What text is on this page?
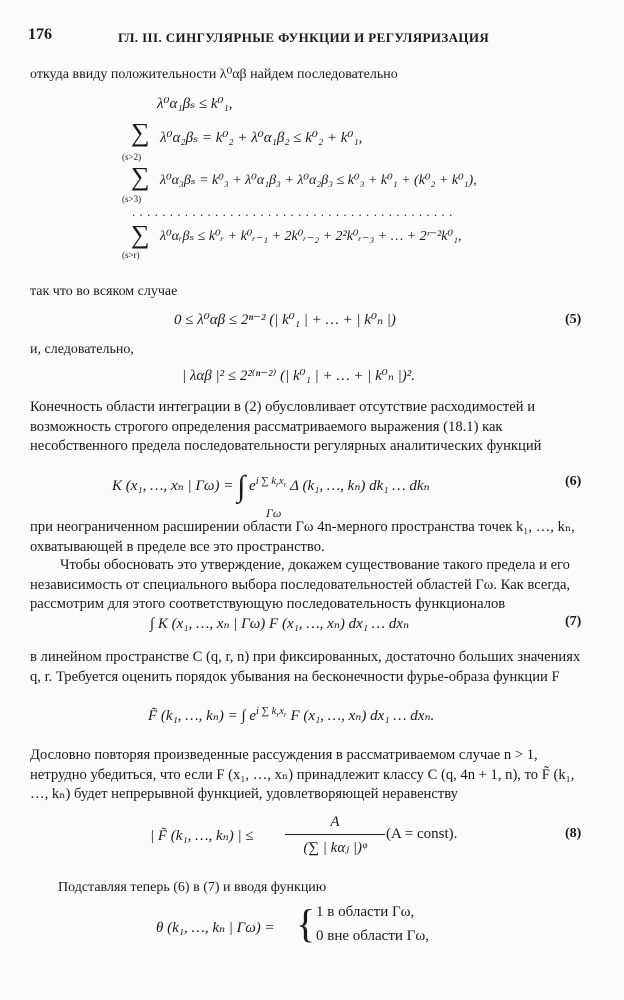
176	ГЛ. III. СИНГУЛЯРНЫЕ ФУНКЦИИ И РЕГУЛЯРИЗАЦИЯ
откуда ввиду положительности λ⁰αβ найдем последовательно
λ⁰α₁βₛ ≤ k⁰₁,
∑
(s>2)
λ⁰α₂βₛ = k⁰₂ + λ⁰α₁β₂ ≤ k⁰₂ + k⁰₁,
∑
(s>3)
λ⁰α₃βₛ = k⁰₃ + λ⁰α₁β₃ + λ⁰α₂β₃ ≤ k⁰₃ + k⁰₁ + (k⁰₂ + k⁰₁),
...........................................
∑
(s>r)
λ⁰αᵣβₛ ≤ k⁰ᵣ + k⁰ᵣ₋₁ + 2k⁰ᵣ₋₂ + 2²k⁰ᵣ₋₃ + … + 2ʳ⁻²k⁰₁,
так что во всяком случае
0 ≤ λ⁰αβ ≤ 2ⁿ⁻² (| k⁰₁ | + … + | k⁰ₙ |)	(5)
и, следовательно,
| λαβ |² ≤ 2²⁽ⁿ⁻²⁾ (| k⁰₁ | + … + | k⁰ₙ |)².
Конечность области интеграции в (2) обусловливает отсутствие расходимостей и возможность строгого определения рассматриваемого выражения (18.1) как несобственного предела последовательности регулярных аналитических функций
K (x₁, …, xₙ | Γω) = ∫ $e^{i \sum k_rx_r}$ Δ (k₁, …, kₙ) dk₁ … dkₙ
Γω
(6)
при неограниченном расширении области Γω 4n-мерного пространства точек k₁, …, kₙ, охватывающей в пределе все это пространство.
Чтобы обосновать это утверждение, докажем существование такого предела и его независимость от специального выбора последовательностей областей Γω. Как всегда, рассмотрим для этого соответствующую последовательность функционалов
∫ K (x₁, …, xₙ | Γω) F (x₁, …, xₙ) dx₁ … dxₙ	(7)
в линейном пространстве C (q, r, n) при фиксированных, достаточно больших значениях q, r. Требуется оценить порядок убывания на бесконечности фурье-образа функции F
F̃ (k₁, …, kₙ) = ∫ $e^{i \sum k_rx_r}$ F (x₁, …, xₙ) dx₁ … dxₙ.
Дословно повторяя произведенные рассуждения в рассматриваемом случае n > 1, нетрудно убедиться, что если F (x₁, …, xₙ) принадлежит классу C (q, 4n + 1, n), то F̃ (k₁, …, kₙ) будет непрерывной функцией, удовлетворяющей неравенству
| F̃ (k₁, …, kₙ) | ≤
A
(∑ | kαⱼ |)ᵠ
(A = const).	(8)
Подставляя теперь (6) в (7) и вводя функцию
θ (k₁, …, kₙ | Γω) = { 1 в области Γω,
0 вне области Γω,
